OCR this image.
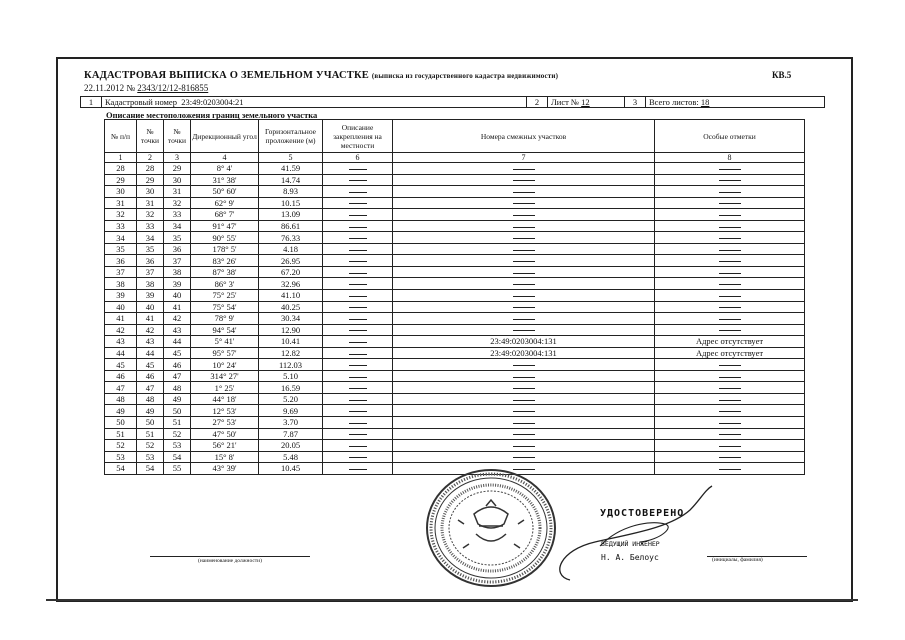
КАДАСТРОВАЯ ВЫПИСКА О ЗЕМЕЛЬНОМ УЧАСТКЕ (выписка из государственного кадастра недвижимости)	КВ.5
22.11.2012 № 2343/12/12-816855
1	Кадастровый номер 23:49:0203004:21	2	Лист № 12	3	Всего листов: 18
Описание местоположения границ земельного участка
№ п/п	№ точки	№ точки	Дирекционный угол	Горизонтальное проложение (м)	Описание закрепления на местности	Номера смежных участков	Особые отметки
1	2	3	4	5	6	7	8
28	28	29	8° 4'	41.59			
29	29	30	31° 38'	14.74			
30	30	31	50° 60'	8.93			
31	31	32	62° 9'	10.15			
32	32	33	68° 7'	13.09			
33	33	34	91° 47'	86.61			
34	34	35	90° 55'	76.33			
35	35	36	178° 5'	4.18			
36	36	37	83° 26'	26.95			
37	37	38	87° 38'	67.20			
38	38	39	86° 3'	32.96			
39	39	40	75° 25'	41.10			
40	40	41	75° 54'	40.25			
41	41	42	78° 9'	30.34			
42	42	43	94° 54'	12.90			
43	43	44	5° 41'	10.41		23:49:0203004:131	Адрес отсутствует
44	44	45	95° 57'	12.82		23:49:0203004:131	Адрес отсутствует
45	45	46	10° 24'	112.03			
46	46	47	314° 27'	5.10			
47	47	48	1° 25'	16.59			
48	48	49	44° 18'	5.20			
49	49	50	12° 53'	9.69			
50	50	51	27° 53'	3.70			
51	51	52	47° 50'	7.87			
52	52	53	56° 21'	20.05			
53	53	54	15° 8'	5.48			
54	54	55	43° 39'	10.45			
УДОСТОВЕРЕНО
ВЕДУЩИЙ ИНЖЕНЕР
Н. А. Белоус
(наименование должности)	(инициалы, фамилия)
